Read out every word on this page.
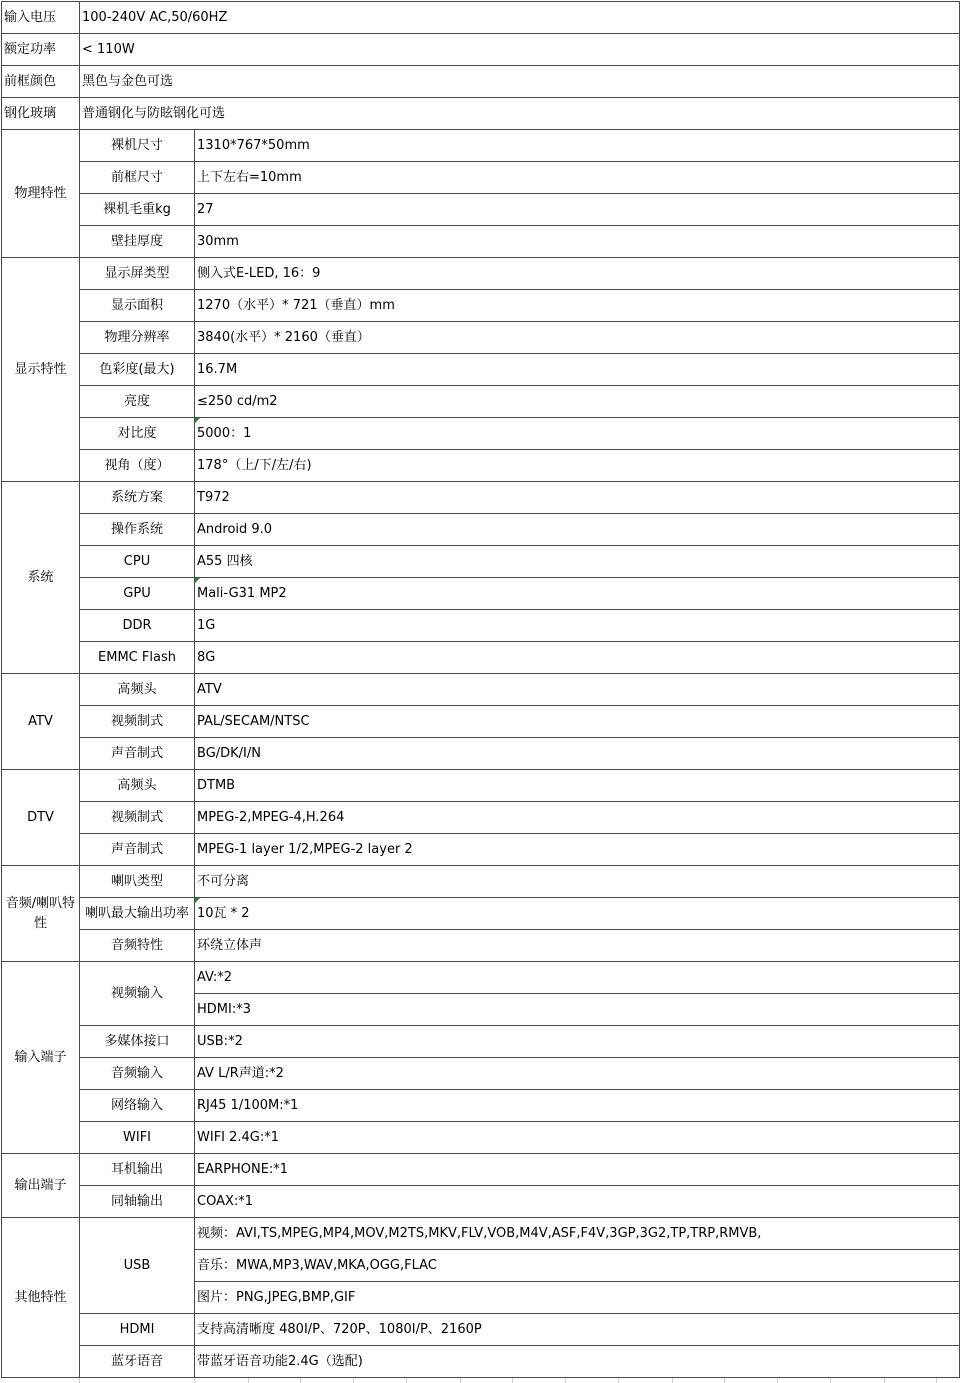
输入电压	100-240V AC,50/60HZ	
额定功率	< 110W	
前框颜色	黑色与金色可选	
钢化玻璃	普通钢化与防眩钢化可选	
物理特性	裸机尺寸	1310*767*50mm
	前框尺寸	上下左右=10mm
	裸机毛重kg	27
	壁挂厚度	30mm
显示特性	显示屏类型	侧入式E-LED, 16：9
	显示面积	1270（水平）* 721（垂直）mm
	物理分辨率	3840(水平）* 2160（垂直）
	色彩度(最大)	16.7M
	亮度	≤250 cd/m2
	对比度	5000：1
	视角（度）	178°（上/下/左/右)
系统	系统方案	T972
	操作系统	Android 9.0
	CPU	A55 四核
	GPU	Mali-G31 MP2
	DDR	1G
	EMMC Flash	8G
ATV	高频头	ATV
	视频制式	PAL/SECAM/NTSC
	声音制式	BG/DK/I/N
DTV	高频头	DTMB
	视频制式	MPEG-2,MPEG-4,H.264
	声音制式	MPEG-1 layer 1/2,MPEG-2 layer 2
音频/喇叭特性	喇叭类型	不可分离
	喇叭最大输出功率	10瓦 * 2
	音频特性	环绕立体声
输入端子	视频输入	AV:*2
		HDMI:*3
	多媒体接口	USB:*2
	音频输入	AV L/R声道:*2
	网络输入	RJ45 1/100M:*1
	WIFI	WIFI 2.4G:*1
输出端子	耳机输出	EARPHONE:*1
	同轴输出	COAX:*1
其他特性	USB	视频：AVI,TS,MPEG,MP4,MOV,M2TS,MKV,FLV,VOB,M4V,ASF,F4V,3GP,3G2,TP,TRP,RMVB,
		音乐：MWA,MP3,WAV,MKA,OGG,FLAC
		图片：PNG,JPEG,BMP,GIF
	HDMI	支持高清晰度 480I/P、720P、1080I/P、2160P
	蓝牙语音	带蓝牙语音功能2.4G（选配)
